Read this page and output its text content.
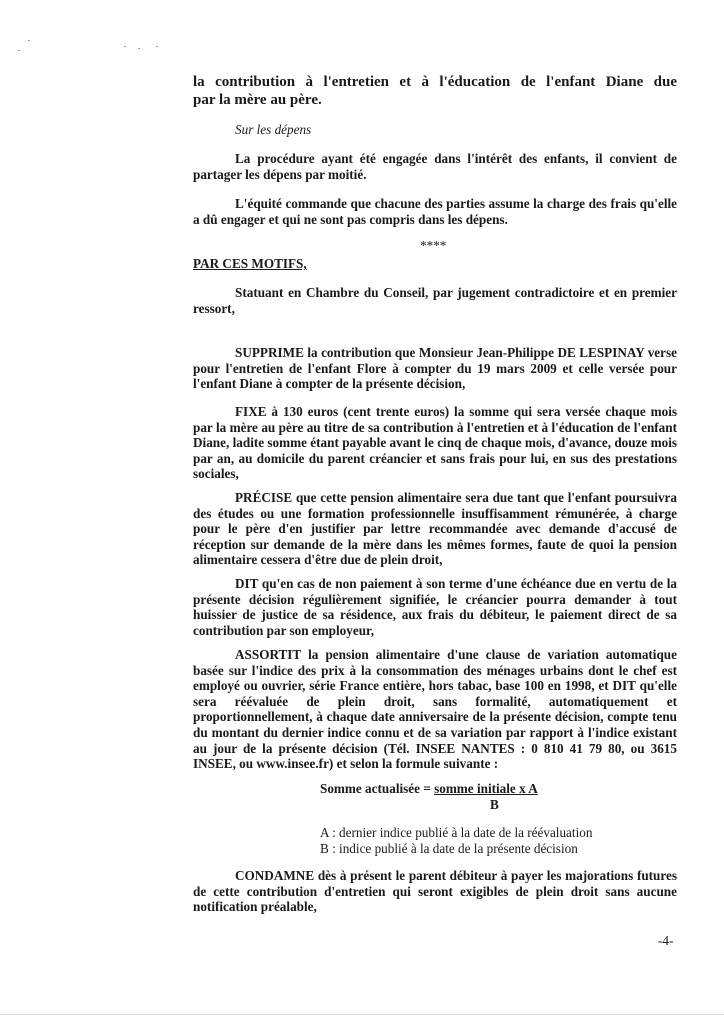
la contribution à l'entretien et à l'éducation de l'enfant Diane due
par la mère au père.
Sur les dépens

La procédure ayant été engagée dans l'intérêt des enfants, il convient de partager les dépens par moitié.

L'équité commande que chacune des parties assume la charge des frais qu'elle a dû engager et qui ne sont pas compris dans les dépens.

****
PAR CES MOTIFS,

Statuant en Chambre du Conseil, par jugement contradictoire et en premier ressort,

SUPPRIME la contribution que Monsieur Jean-Philippe DE LESPINAY verse pour l'entretien de l'enfant Flore à compter du 19 mars 2009 et celle versée pour l'enfant Diane à compter de la présente décision,

FIXE à 130 euros (cent trente euros) la somme qui sera versée chaque mois par la mère au père au titre de sa contribution à l'entretien et à l'éducation de l'enfant Diane, ladite somme étant payable avant le cinq de chaque mois, d'avance, douze mois par an, au domicile du parent créancier et sans frais pour lui, en sus des prestations sociales,

PRÉCISE que cette pension alimentaire sera due tant que l'enfant poursuivra des études ou une formation professionnelle insuffisamment rémunérée, à charge pour le père d'en justifier par lettre recommandée avec demande d'accusé de réception sur demande de la mère dans les mêmes formes, faute de quoi la pension alimentaire cessera d'être due de plein droit,

DIT qu'en cas de non paiement à son terme d'une échéance due en vertu de la présente décision régulièrement signifiée, le créancier pourra demander à tout huissier de justice de sa résidence, aux frais du débiteur, le paiement direct de sa contribution par son employeur,

ASSORTIT la pension alimentaire d'une clause de variation automatique basée sur l'indice des prix à la consommation des ménages urbains dont le chef est employé ou ouvrier, série France entière, hors tabac, base 100 en 1998, et DIT qu'elle sera réévaluée de plein droit, sans formalité, automatiquement et proportionnellement, à chaque date anniversaire de la présente décision, compte tenu du montant du dernier indice connu et de sa variation par rapport à l'indice existant au jour de la présente décision (Tél. INSEE NANTES : 0 810 41 79 80, ou 3615 INSEE, ou www.insee.fr) et selon la formule suivante :

Somme actualisée = somme initiale x A
B
A : dernier indice publié à la date de la réévaluation
B : indice publié à la date de la présente décision

CONDAMNE dès à présent le parent débiteur à payer les majorations futures de cette contribution d'entretien qui seront exigibles de plein droit sans aucune notification préalable,

-4-
